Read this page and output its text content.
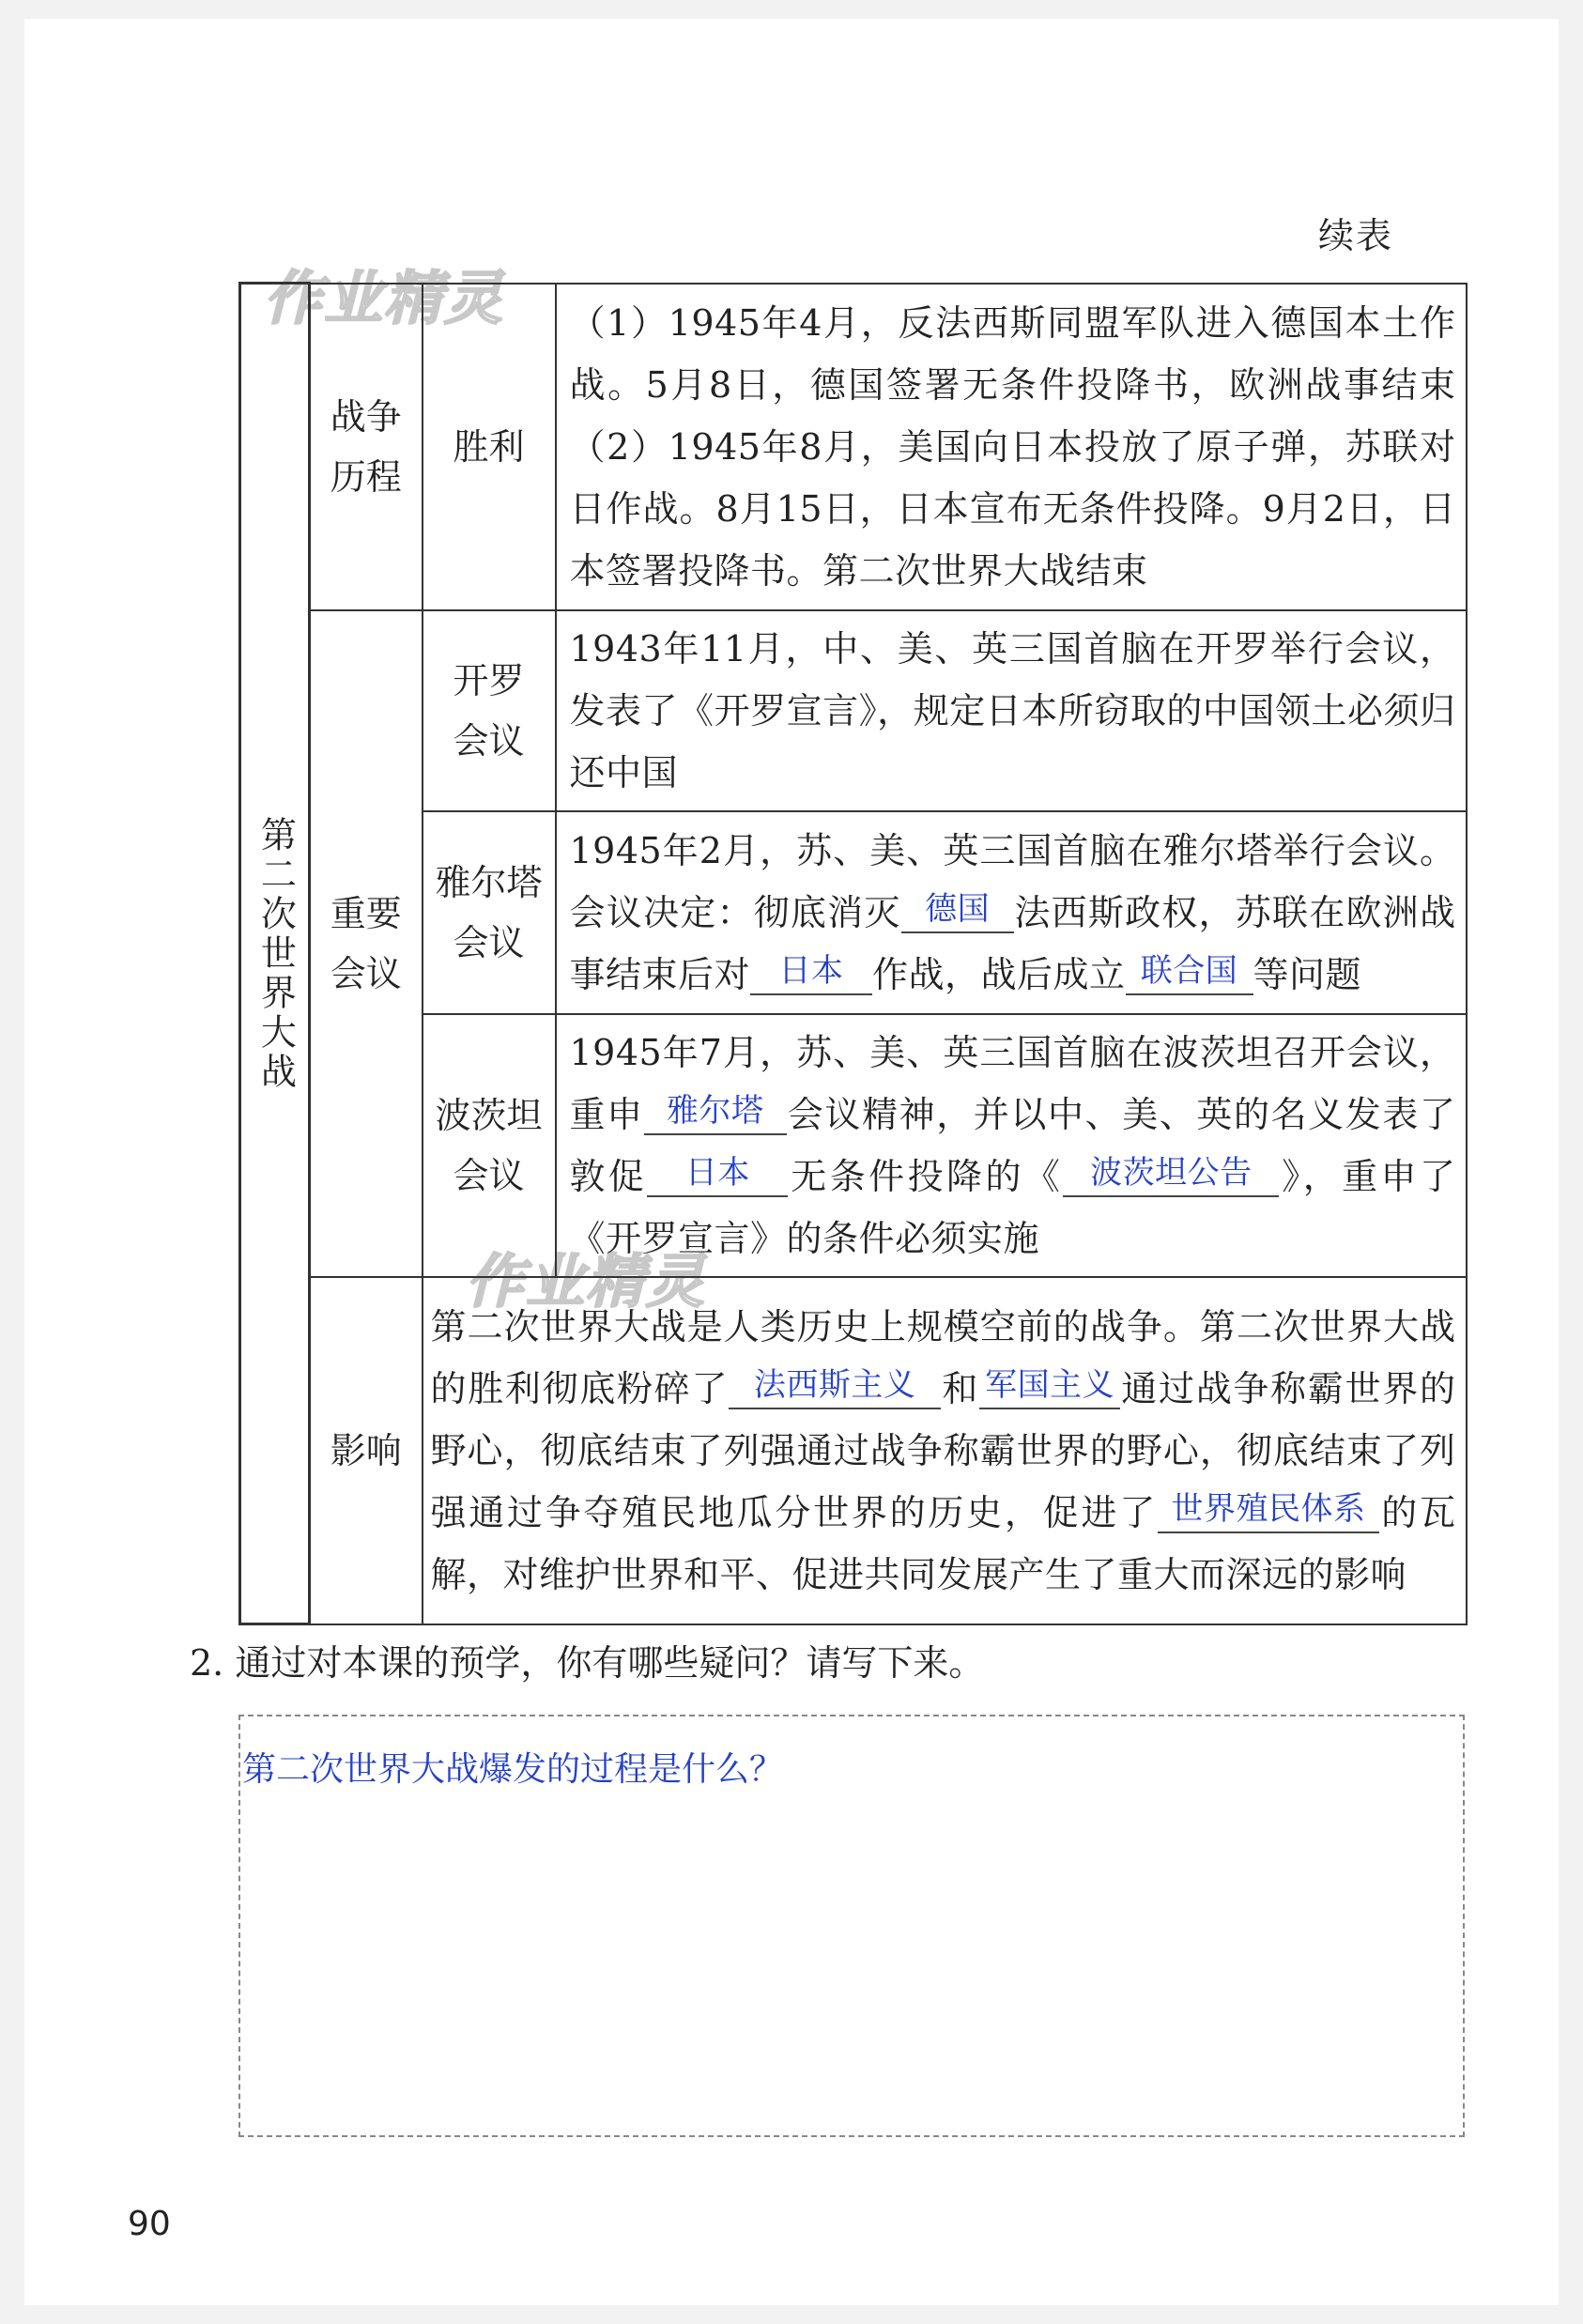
作业精灵
作业精灵
续表
第二次世界大战	战争历程	胜利	（1）1945年4月，反法西斯同盟军队进入德国本土作战。5月8日，德国签署无条件投降书，欧洲战事结束（2）1945年8月，美国向日本投放了原子弹，苏联对日作战。8月15日，日本宣布无条件投降。9月2日，日本签署投降书。第二次世界大战结束

	重要会议	开罗会议	1943年11月，中、美、英三国首脑在开罗举行会议，发表了《开罗宣言》，规定日本所窃取的中国领土必须归还中国

		雅尔塔会议	1945年2月，苏、美、英三国首脑在雅尔塔举行会议。会议决定：彻底消灭 德国 法西斯政权，苏联在欧洲战事结束后对 日本 作战，战后成立 联合国 等问题

		波茨坦会议	1945年7月，苏、美、英三国首脑在波茨坦召开会议，重申 雅尔塔 会议精神，并以中、美、英的名义发表了敦促 日本 无条件投降的《 波茨坦公告 》，重申了《开罗宣言》的条件必须实施

	影响	第二次世界大战是人类历史上规模空前的战争。第二次世界大战的胜利彻底粉碎了 法西斯主义 和 军国主义 通过战争称霸世界的野心，彻底结束了列强通过战争称霸世界的野心，彻底结束了列强通过争夺殖民地瓜分世界的历史，促进了 世界殖民体系 的瓦解，对维护世界和平、促进共同发展产生了重大而深远的影响	
2. 通过对本课的预学，你有哪些疑问？请写下来。
第二次世界大战爆发的过程是什么？
90
